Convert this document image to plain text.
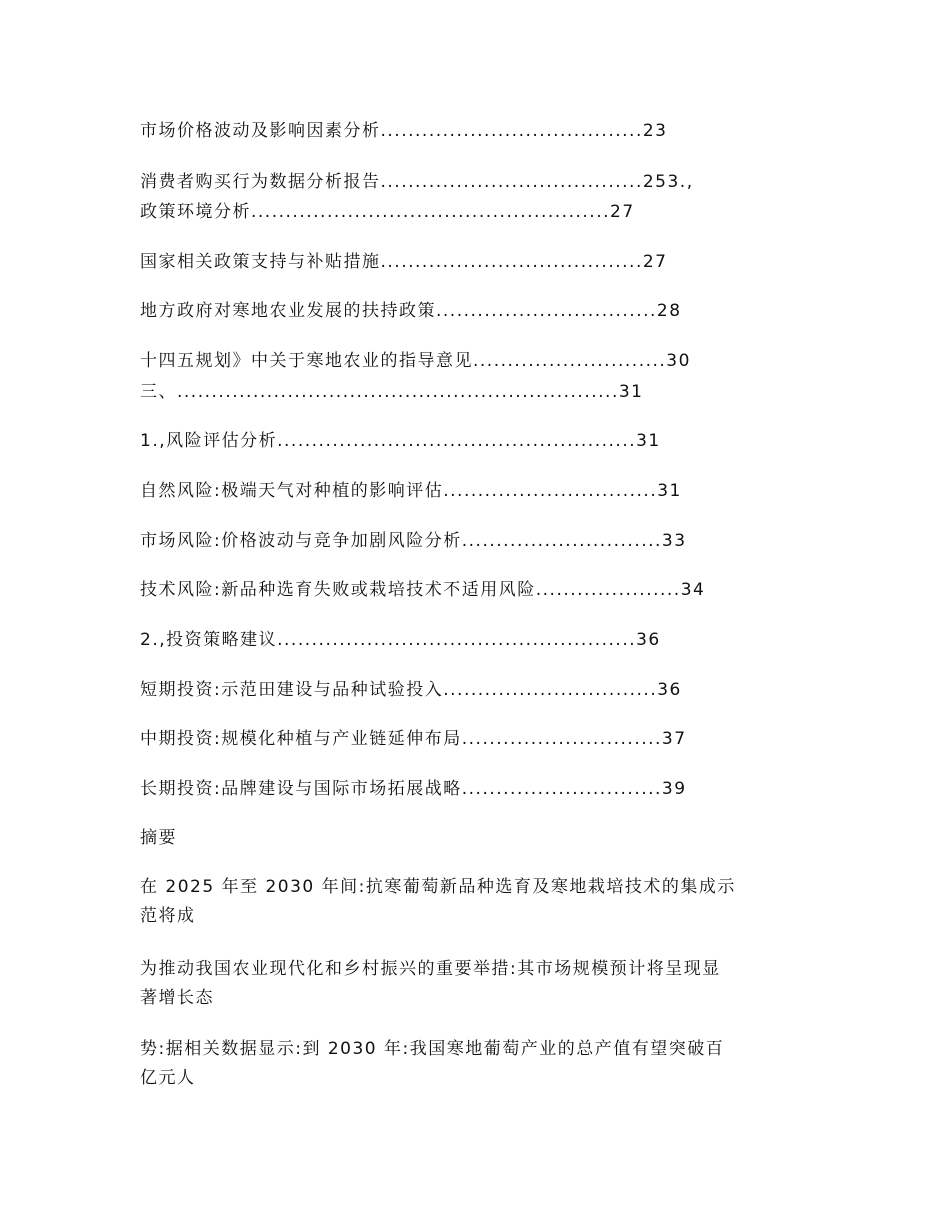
市场价格波动及影响因素分析......................................23
消费者购买行为数据分析报告......................................253.,
政策环境分析....................................................27
国家相关政策支持与补贴措施......................................27
地方政府对寒地农业发展的扶持政策................................28
十四五规划》中关于寒地农业的指导意见............................30
三、................................................................31
1.,风险评估分析....................................................31
自然风险:极端天气对种植的影响评估...............................31
市场风险:价格波动与竞争加剧风险分析.............................33
技术风险:新品种选育失败或栽培技术不适用风险.....................34
2.,投资策略建议....................................................36
短期投资:示范田建设与品种试验投入...............................36
中期投资:规模化种植与产业链延伸布局.............................37
长期投资:品牌建设与国际市场拓展战略.............................39
摘要
在 2025 年至 2030 年间:抗寒葡萄新品种选育及寒地栽培技术的集成示
范将成
为推动我国农业现代化和乡村振兴的重要举措:其市场规模预计将呈现显
著增长态
势:据相关数据显示:到 2030 年:我国寒地葡萄产业的总产值有望突破百
亿元人
